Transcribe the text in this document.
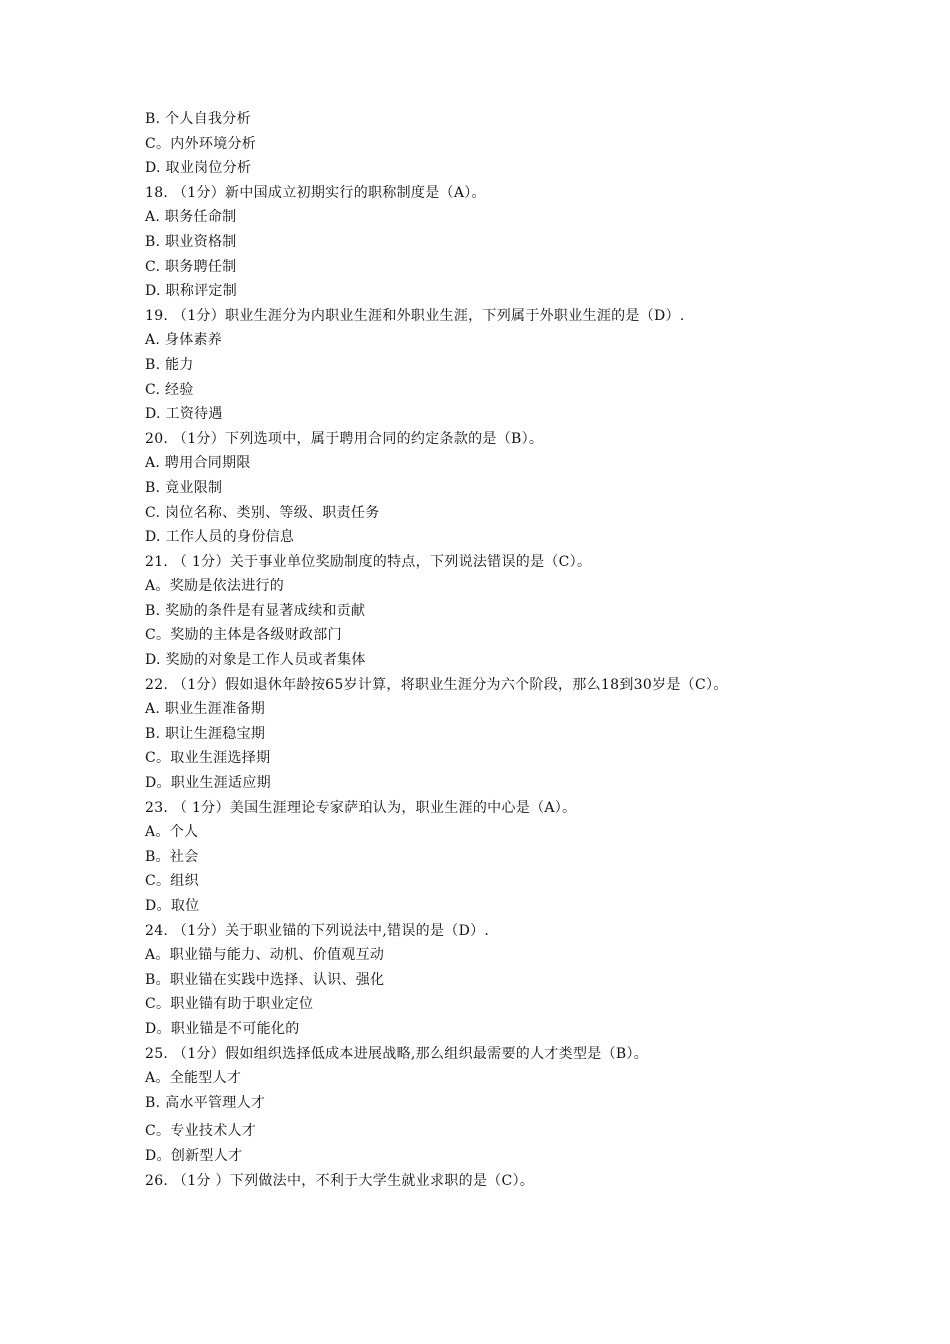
B. 个人自我分析
C。内外环境分析
D. 取业岗位分析
18. （1分）新中国成立初期实行的职称制度是（A）。
A. 职务任命制
B. 职业资格制
C. 职务聘任制
D. 职称评定制
19. （1分）职业生涯分为内职业生涯和外职业生涯，下列属于外职业生涯的是（D）.
A. 身体素养
B. 能力
C. 经验
D. 工资待遇
20. （1分）下列选项中，属于聘用合同的约定条款的是（B）。
A. 聘用合同期限
B. 竟业限制
C. 岗位名称、类别、等级、职责任务
D. 工作人员的身份信息
21. （ 1分）关于事业单位奖励制度的特点，下列说法错误的是（C）。
A。奖励是依法进行的
B. 奖励的条件是有显著成续和贡献
C。奖励的主体是各级财政部门
D. 奖励的对象是工作人员或者集体
22. （1分）假如退休年龄按65岁计算，将职业生涯分为六个阶段，那么18到30岁是（C）。
A. 职业生涯准备期
B. 职让生涯稳宝期
C。取业生涯选择期
D。职业生涯适应期
23. （ 1分）美国生涯理论专家萨珀认为，职业生涯的中心是（A）。
A。个人
B。社会
C。组织
D。取位
24. （1分）关于职业锚的下列说法中,错误的是（D）.
A。职业锚与能力、动机、价值观互动
B。职业锚在实践中选择、认识、强化
C。职业锚有助于职业定位
D。职业锚是不可能化的
25. （1分）假如组织选择低成本进展战略,那么组织最需要的人才类型是（B）。
A。全能型人才
B. 高水平管理人才
C。专业技术人才
D。创新型人才
26. （1分 ）下列做法中，不利于大学生就业求职的是（C）。
